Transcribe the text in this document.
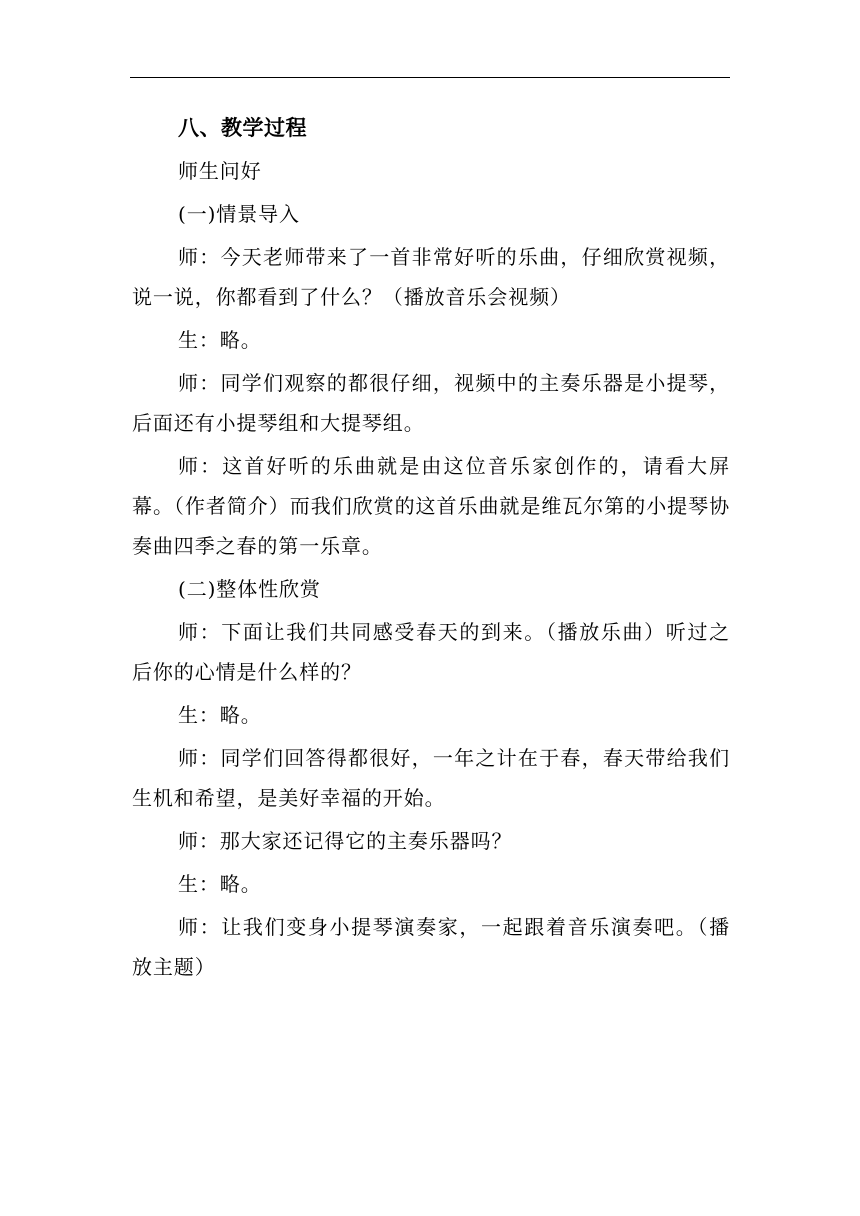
八、教学过程

师生问好

(一)情景导入

师：今天老师带来了一首非常好听的乐曲，仔细欣赏视频，说一说，你都看到了什么？（播放音乐会视频）

生：略。

师：同学们观察的都很仔细，视频中的主奏乐器是小提琴，后面还有小提琴组和大提琴组。

师：这首好听的乐曲就是由这位音乐家创作的，请看大屏幕。（作者简介）而我们欣赏的这首乐曲就是维瓦尔第的小提琴协奏曲四季之春的第一乐章。

(二)整体性欣赏

师：下面让我们共同感受春天的到来。（播放乐曲）听过之后你的心情是什么样的？

生：略。

师：同学们回答得都很好，一年之计在于春，春天带给我们生机和希望，是美好幸福的开始。

师：那大家还记得它的主奏乐器吗？

生：略。

师：让我们变身小提琴演奏家，一起跟着音乐演奏吧。（播放主题）
